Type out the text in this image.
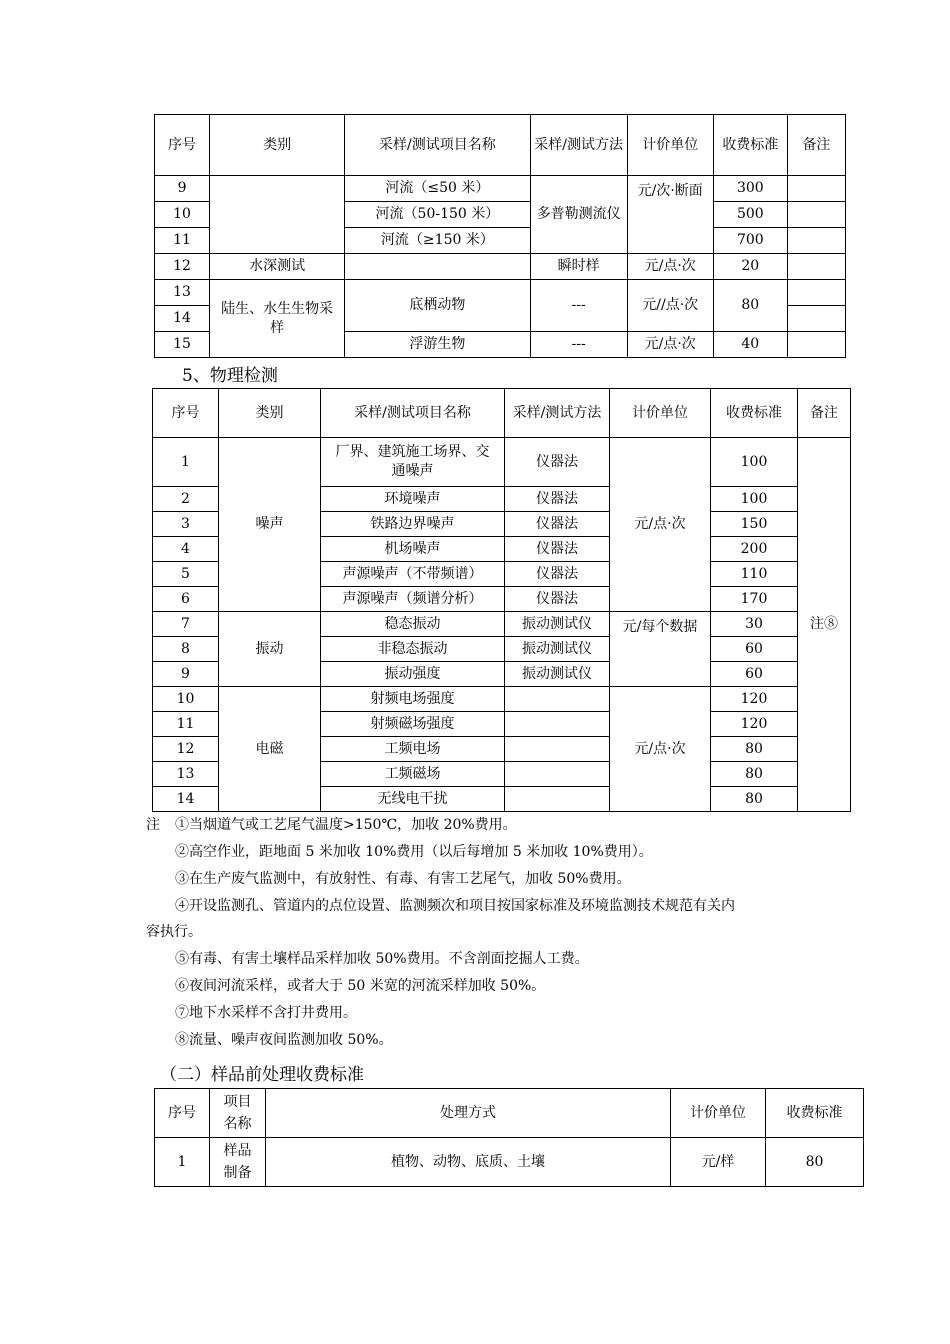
序号	类别	采样/测试项目名称	采样/测试方法	计价单位	收费标准	备注
9		河流（≤50 米）	多普勒测流仪	元/次·断面	300	
10		河流（50-150 米）			500	
11		河流（≥150 米）			700	
12	水深测试		瞬时样	元/点·次	20	
13	陆生、水生生物采样	底栖动物	---	元//点·次	80	
14						
15		浮游生物	---	元/点·次	40	
5、物理检测
序号	类别	采样/测试项目名称	采样/测试方法	计价单位	收费标准	备注
1	噪声	厂界、建筑施工场界、交通噪声	仪器法	元/点·次	100	注⑧
2		环境噪声	仪器法		100	
3		铁路边界噪声	仪器法		150	
4		机场噪声	仪器法		200	
5		声源噪声（不带频谱）	仪器法		110	
6		声源噪声（频谱分析）	仪器法		170	
7	振动	稳态振动	振动测试仪	元/每个数据	30	
8		非稳态振动	振动测试仪		60	
9		振动强度	振动测试仪		60	
10	电磁	射频电场强度		元/点·次	120	
11		射频磁场强度			120	
12		工频电场			80	
13		工频磁场			80	
14		无线电干扰			80	
注 ①当烟道气或工艺尾气温度>150℃，加收 20%费用。
②高空作业，距地面 5 米加收 10%费用（以后每增加 5 米加收 10%费用）。
③在生产废气监测中，有放射性、有毒、有害工艺尾气，加收 50%费用。
④开设监测孔、管道内的点位设置、监测频次和项目按国家标准及环境监测技术规范有关内
容执行。
⑤有毒、有害土壤样品采样加收 50%费用。不含剖面挖掘人工费。
⑥夜间河流采样，或者大于 50 米宽的河流采样加收 50%。
⑦地下水采样不含打井费用。
⑧流量、噪声夜间监测加收 50%。
（二）样品前处理收费标准
序号	项目名称	处理方式	计价单位	收费标准
1	样品制备	植物、动物、底质、土壤	元/样	80
